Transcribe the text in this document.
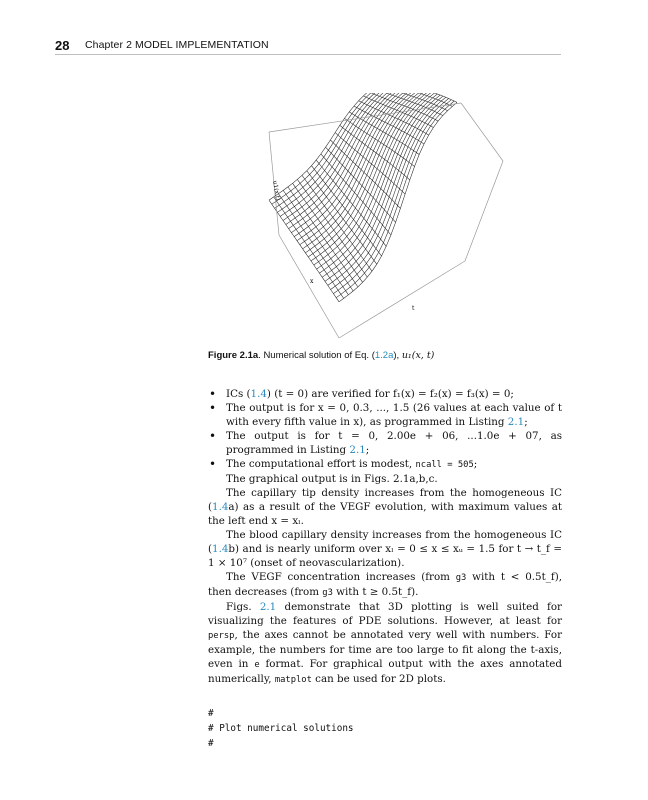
28 Chapter 2 MODEL IMPLEMENTATION
u1(x,t)
x
t
Figure 2.1a. Numerical solution of Eq. (1.2a), u₁(x, t)
• ICs (1.4) (t = 0) are verified for f₁(x) = f₂(x) = f₃(x) = 0;
• The output is for x = 0, 0.3, ..., 1.5 (26 values at each value of t with every fifth value in x), as programmed in Listing 2.1;
• The output is for t = 0, 2.00e + 06, ...1.0e + 07, as programmed in Listing 2.1;
• The computational effort is modest, ncall = 505;

The graphical output is in Figs. 2.1a,b,c.

The capillary tip density increases from the homogeneous IC (1.4a) as a result of the VEGF evolution, with maximum values at the left end x = xₗ.

The blood capillary density increases from the homogeneous IC (1.4b) and is nearly uniform over xₗ = 0 ≤ x ≤ xᵤ = 1.5 for t → t_f = 1 × 10⁷ (onset of neovascularization).

The VEGF concentration increases (from g3 with t < 0.5t_f), then decreases (from g3 with t ≥ 0.5t_f).

Figs. 2.1 demonstrate that 3D plotting is well suited for visualizing the features of PDE solutions. However, at least for persp, the axes cannot be annotated very well with numbers. For example, the numbers for time are too large to fit along the t-axis, even in e format. For graphical output with the axes annotated numerically, matplot can be used for 2D plots.

#
# Plot numerical solutions
#
